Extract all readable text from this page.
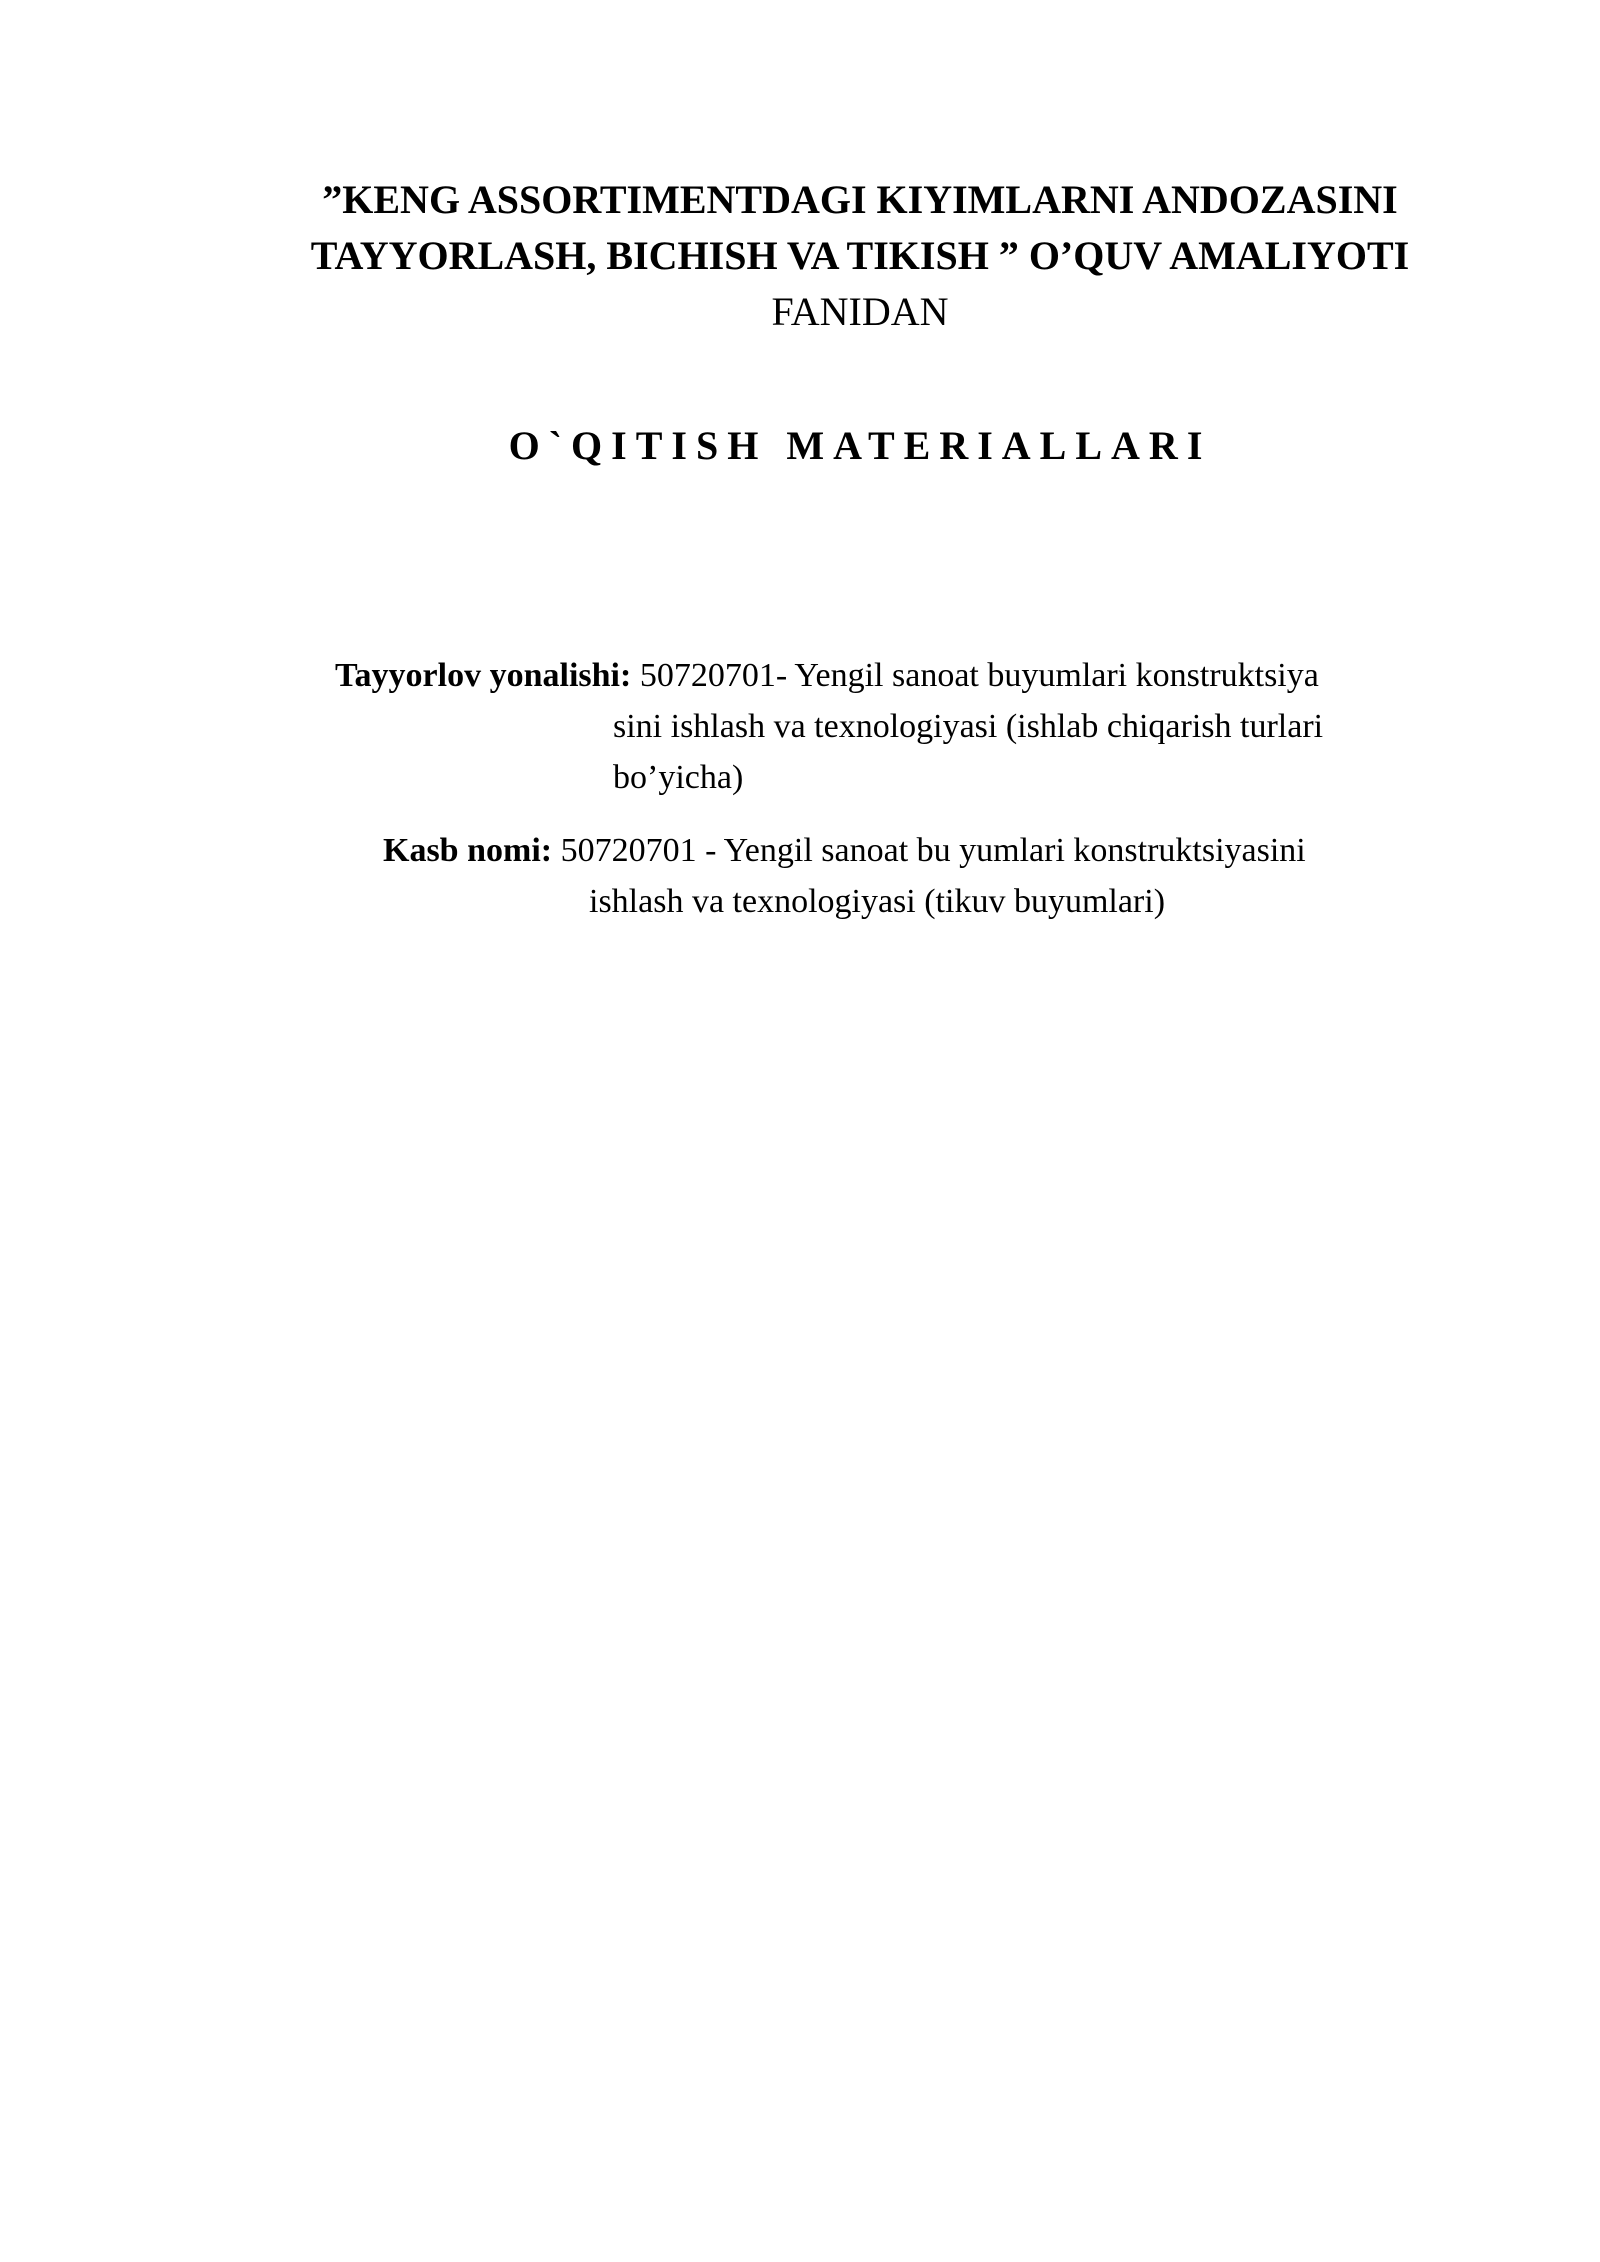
”KENG ASSORTIMENTDAGI KIYIMLARNI ANDOZASINI
TAYYORLASH, BICHISH VA TIKISH ” O’QUV AMALIYOTI
FANIDAN
O`QITISH MATERIALLARI
Tayyorlov yonalishi: 50720701- Yengil sanoat buyumlari konstruktsiya
sini ishlash va texnologiyasi (ishlab chiqarish turlari
bo’yicha)
Kasb nomi: 50720701 - Yengil sanoat bu yumlari konstruktsiyasini
ishlash va texnologiyasi (tikuv buyumlari)
